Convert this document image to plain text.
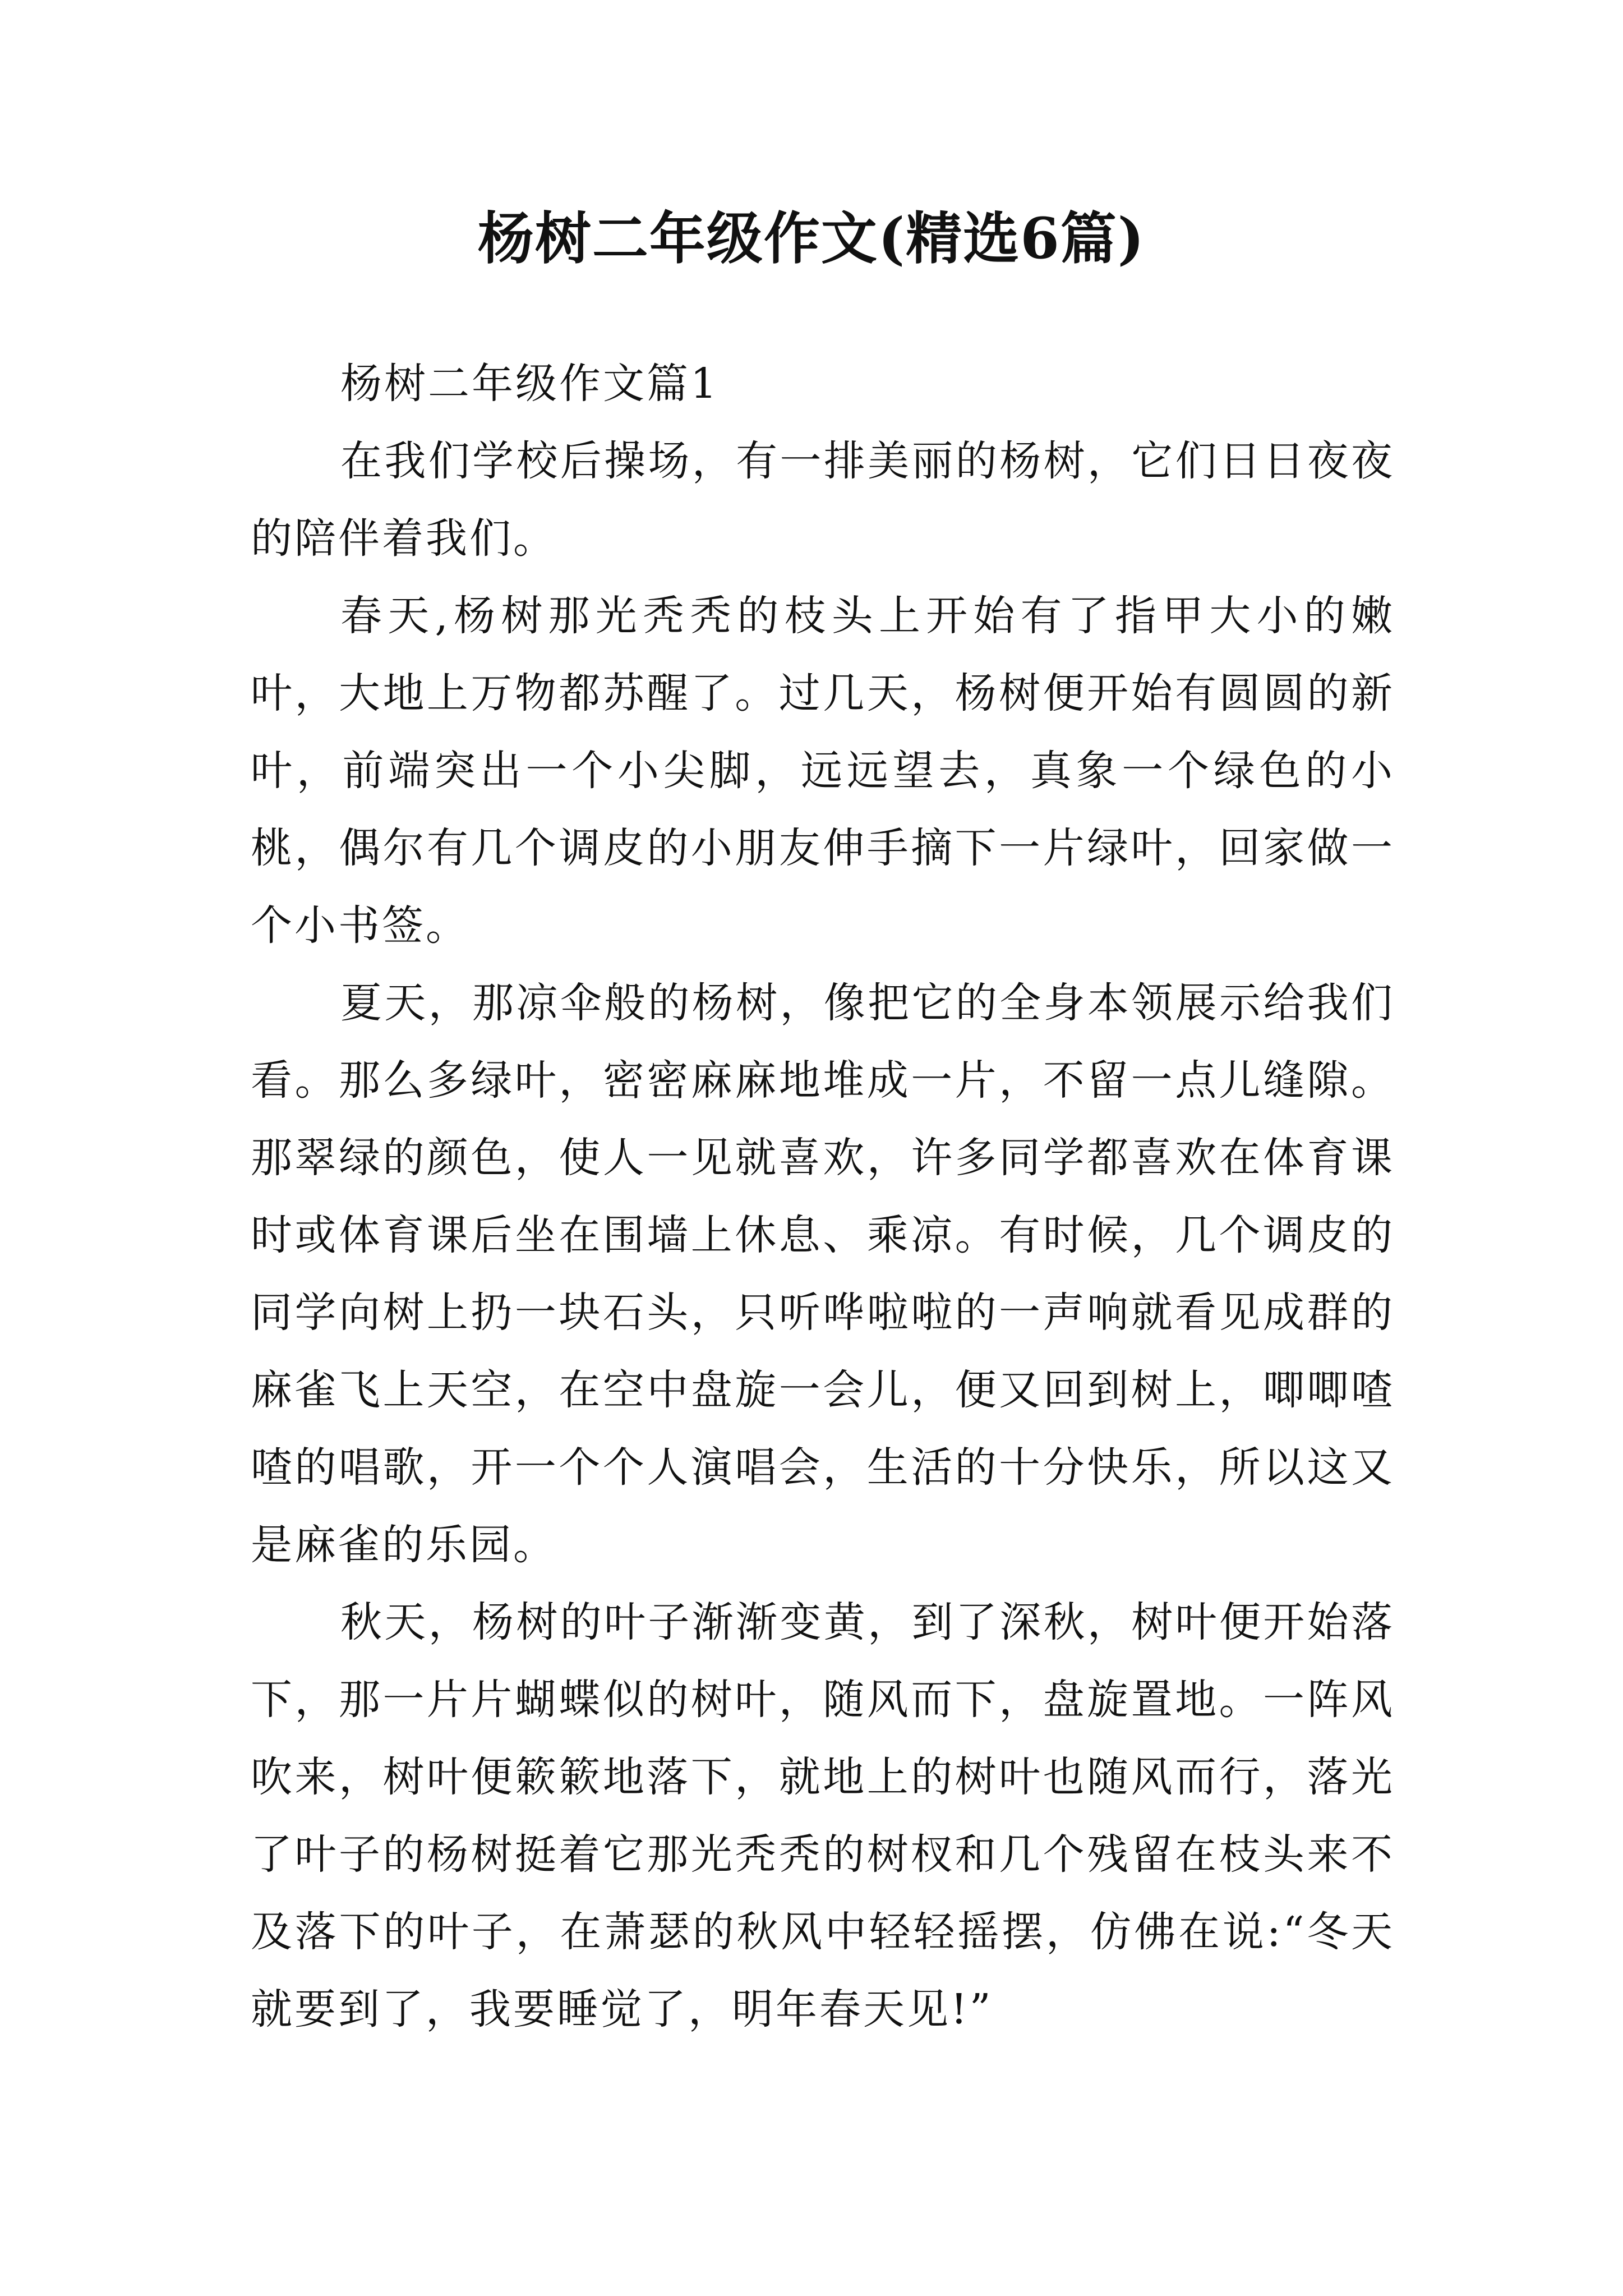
杨树二年级作文(精选6篇)

杨树二年级作文篇1

在我们学校后操场，有一排美丽的杨树，它们日日夜夜的陪伴着我们。

春天,杨树那光秃秃的枝头上开始有了指甲大小的嫩叶，大地上万物都苏醒了。过几天，杨树便开始有圆圆的新叶，前端突出一个小尖脚，远远望去，真象一个绿色的小桃，偶尔有几个调皮的小朋友伸手摘下一片绿叶，回家做一个小书签。

夏天，那凉伞般的杨树，像把它的全身本领展示给我们看。那么多绿叶，密密麻麻地堆成一片，不留一点儿缝隙。那翠绿的颜色，使人一见就喜欢，许多同学都喜欢在体育课时或体育课后坐在围墙上休息、乘凉。有时候，几个调皮的同学向树上扔一块石头，只听哗啦啦的一声响就看见成群的麻雀飞上天空，在空中盘旋一会儿，便又回到树上，唧唧喳喳的唱歌，开一个个人演唱会，生活的十分快乐，所以这又是麻雀的乐园。

秋天，杨树的叶子渐渐变黄，到了深秋，树叶便开始落下，那一片片蝴蝶似的树叶，随风而下，盘旋置地。一阵风吹来，树叶便簌簌地落下，就地上的树叶也随风而行，落光了叶子的杨树挺着它那光秃秃的树杈和几个残留在枝头来不及落下的叶子，在萧瑟的秋风中轻轻摇摆，仿佛在说:“冬天就要到了，我要睡觉了，明年春天见!”
